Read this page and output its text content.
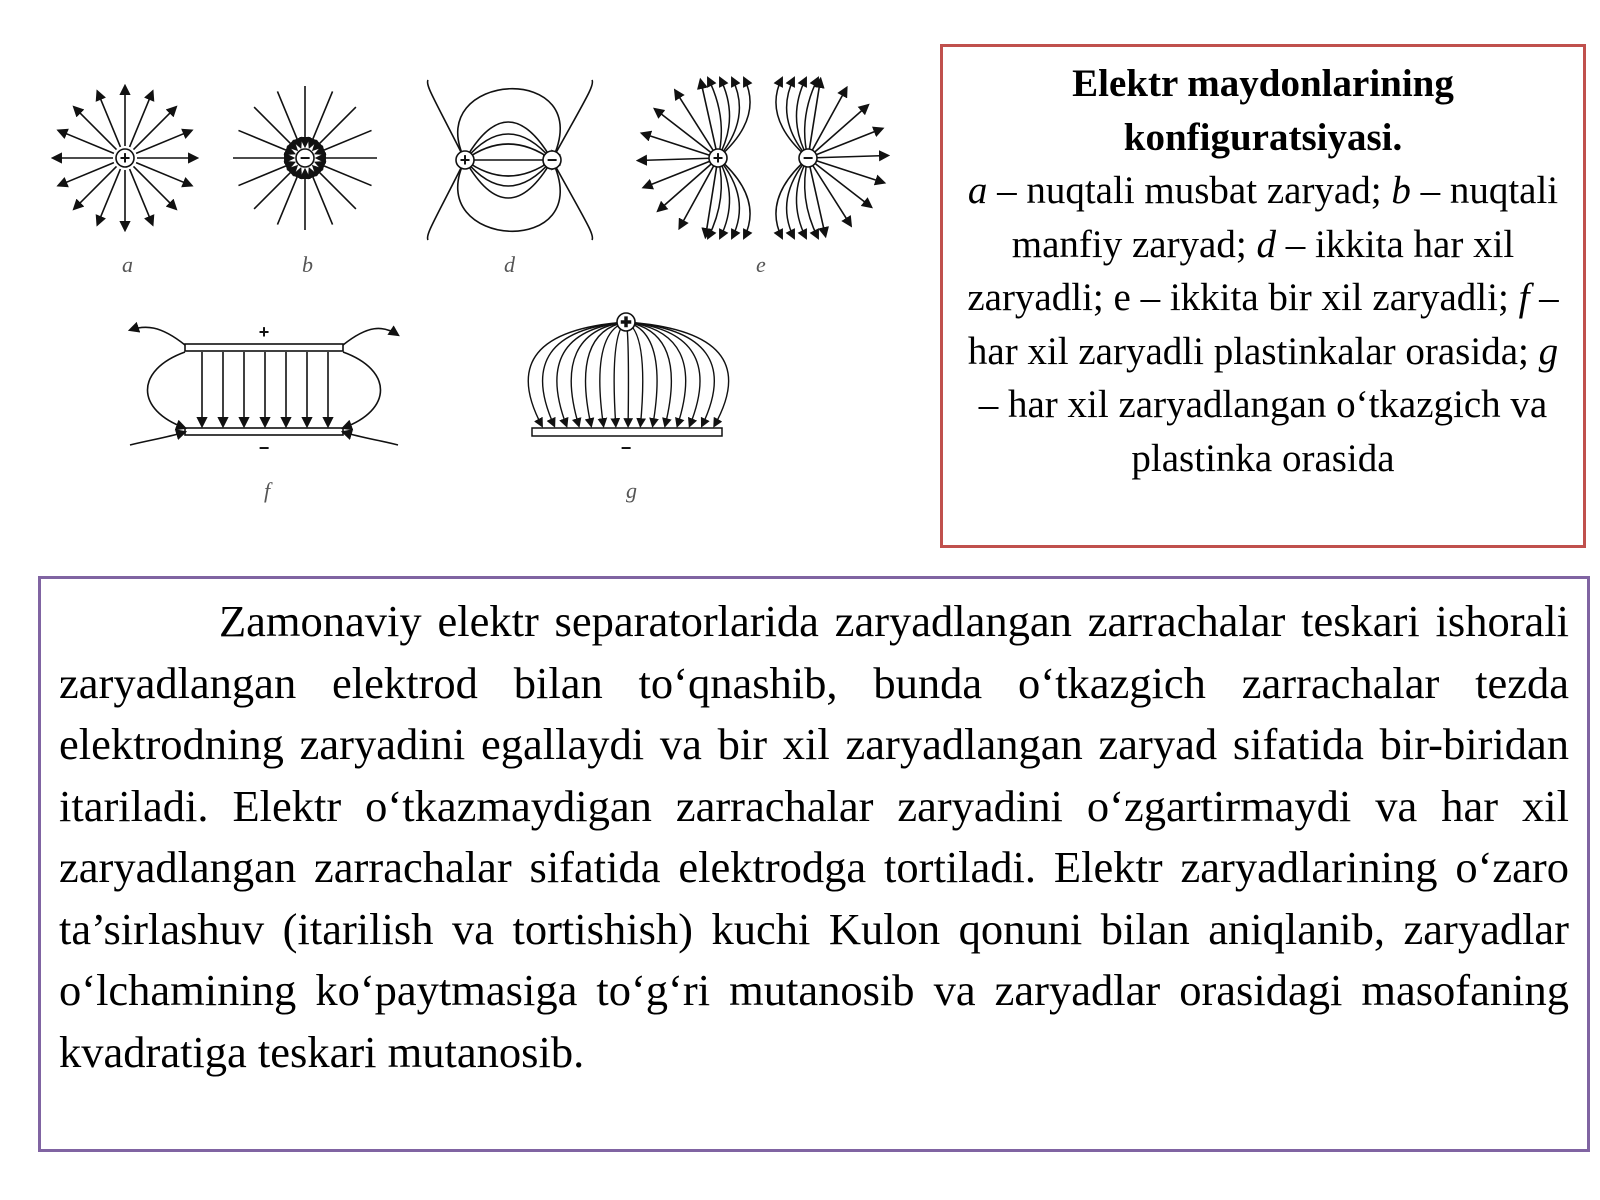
+	−	+	−	+	−
+
−	−
+
a	b	d	e
f	g
Elektr maydonlarining konfiguratsiyasi.
a – nuqtali musbat zaryad; b – nuqtali manfiy zaryad; d – ikkita har xil zaryadli; e – ikkita bir xil zaryadli; f – har xil zaryadli plastinkalar orasida; g – har xil zaryadlangan o‘tkazgich va plastinka orasida

Zamonaviy elektr separatorlarida zaryadlangan zarrachalar teskari ishorali zaryadlangan elektrod bilan to‘qnashib, bunda o‘tkazgich zarrachalar tezda elektrodning zaryadini egallaydi va bir xil zaryadlangan zaryad sifatida bir-biridan itariladi. Elektr o‘tkazmaydigan zarrachalar zaryadini o‘zgartirmaydi va har xil zaryadlangan zarrachalar sifatida elektrodga tortiladi. Elektr zaryadlarining o‘zaro ta’sirlashuv (itarilish va tortishish) kuchi Kulon qonuni bilan aniqlanib, zaryadlar o‘lchamining ko‘paytmasiga to‘g‘ri mutanosib va zaryadlar orasidagi masofaning kvadratiga teskari mutanosib.
